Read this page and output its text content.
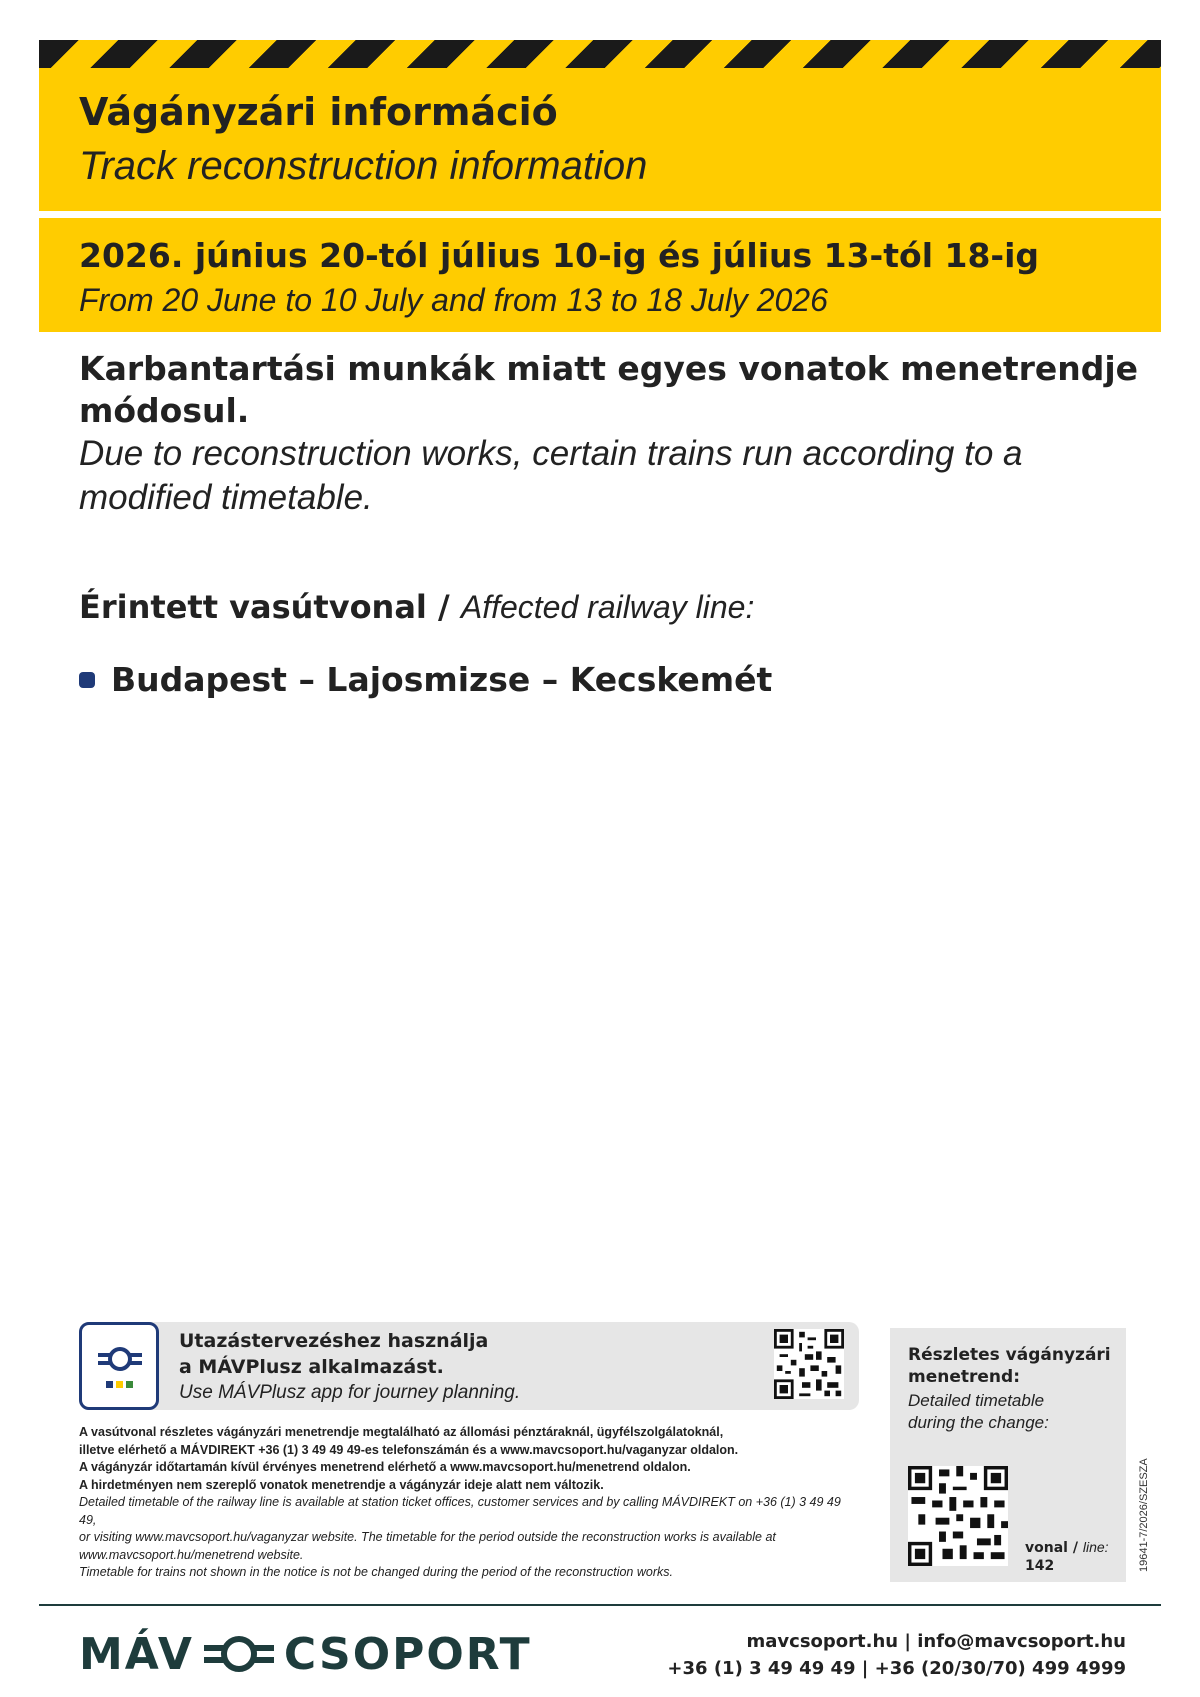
Vágányzári információ
Track reconstruction information
2026. június 20-tól július 10-ig és július 13-tól 18-ig
From 20 June to 10 July and from 13 to 18 July 2026
Karbantartási munkák miatt egyes vonatok menetrendje módosul.
Due to reconstruction works, certain trains run according to a modified timetable.
Érintett vasútvonal / Affected railway line:
Budapest – Lajosmizse – Kecskemét
Utazástervezéshez használja
a MÁVPlusz alkalmazást.
Use MÁVPlusz app for journey planning.
A vasútvonal részletes vágányzári menetrendje megtalálható az állomási pénztáraknál, ügyfélszolgálatoknál,
illetve elérhető a MÁVDIREKT +36 (1) 3 49 49 49-es telefonszámán és a www.mavcsoport.hu/vaganyzar oldalon.
A vágányzár időtartamán kívül érvényes menetrend elérhető a www.mavcsoport.hu/menetrend oldalon.
A hirdetményen nem szereplő vonatok menetrendje a vágányzár ideje alatt nem változik.
Detailed timetable of the railway line is available at station ticket offices, customer services and by calling MÁVDIREKT on +36 (1) 3 49 49 49,
or visiting www.mavcsoport.hu/vaganyzar website. The timetable for the period outside the reconstruction works is available at
www.mavcsoport.hu/menetrend website.
Timetable for trains not shown in the notice is not be changed during the period of the reconstruction works.
Részletes vágányzári
menetrend:
Detailed timetable
during the change:
vonal / line:
142	19641-7/2026/SZESZA
MÁV CSOPORT	mavcsoport.hu | info@mavcsoport.hu
+36 (1) 3 49 49 49 | +36 (20/30/70) 499 4999
